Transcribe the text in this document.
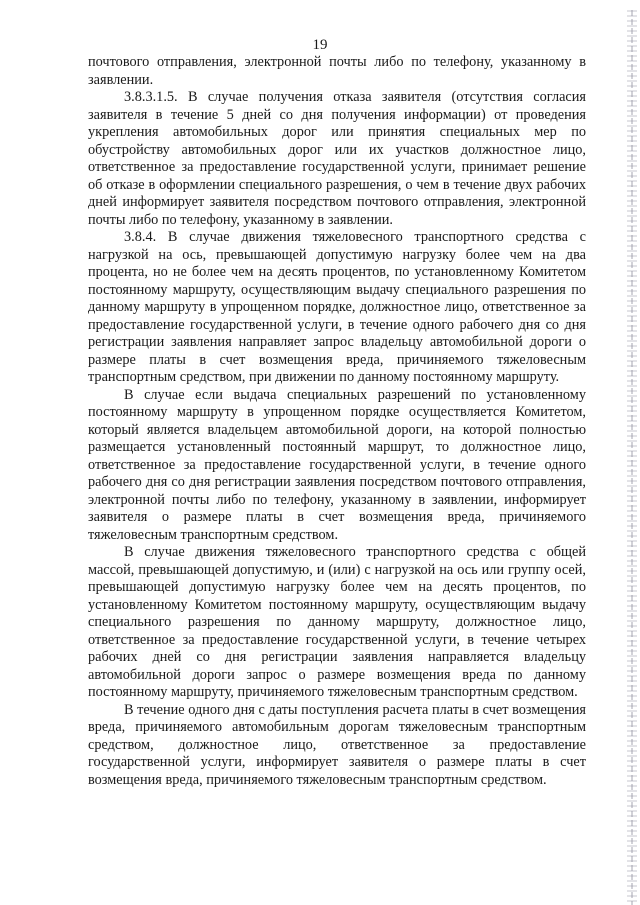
19

почтового отправления, электронной почты либо по телефону, указанному в заявлении.

3.8.3.1.5. В случае получения отказа заявителя (отсутствия согласия заявителя в течение 5 дней со дня получения информации) от проведения укрепления автомобильных дорог или принятия специальных мер по обустройству автомобильных дорог или их участков должностное лицо, ответственное за предоставление государственной услуги, принимает решение об отказе в оформлении специального разрешения, о чем в течение двух рабочих дней информирует заявителя посредством почтового отправления, электронной почты либо по телефону, указанному в заявлении.

3.8.4. В случае движения тяжеловесного транспортного средства с нагрузкой на ось, превышающей допустимую нагрузку более чем на два процента, но не более чем на десять процентов, по установленному Комитетом постоянному маршруту, осуществляющим выдачу специального разрешения по данному маршруту в упрощенном порядке, должностное лицо, ответственное за предоставление государственной услуги, в течение одного рабочего дня со дня регистрации заявления направляет запрос владельцу автомобильной дороги о размере платы в счет возмещения вреда, причиняемого тяжеловесным транспортным средством, при движении по данному постоянному маршруту.

В случае если выдача специальных разрешений по установленному постоянному маршруту в упрощенном порядке осуществляется Комитетом, который является владельцем автомобильной дороги, на которой полностью размещается установленный постоянный маршрут, то должностное лицо, ответственное за предоставление государственной услуги, в течение одного рабочего дня со дня регистрации заявления посредством почтового отправления, электронной почты либо по телефону, указанному в заявлении, информирует заявителя о размере платы в счет возмещения вреда, причиняемого тяжеловесным транспортным средством.

В случае движения тяжеловесного транспортного средства с общей массой, превышающей допустимую, и (или) с нагрузкой на ось или группу осей, превышающей допустимую нагрузку более чем на десять процентов, по установленному Комитетом постоянному маршруту, осуществляющим выдачу специального разрешения по данному маршруту, должностное лицо, ответственное за предоставление государственной услуги, в течение четырех рабочих дней со дня регистрации заявления направляется владельцу автомобильной дороги запрос о размере возмещения вреда по данному постоянному маршруту, причиняемого тяжеловесным транспортным средством.

В течение одного дня с даты поступления расчета платы в счет возмещения вреда, причиняемого автомобильным дорогам тяжеловесным транспортным средством, должностное лицо, ответственное за предоставление государственной услуги, информирует заявителя о размере платы в счет возмещения вреда, причиняемого тяжеловесным транспортным средством.
